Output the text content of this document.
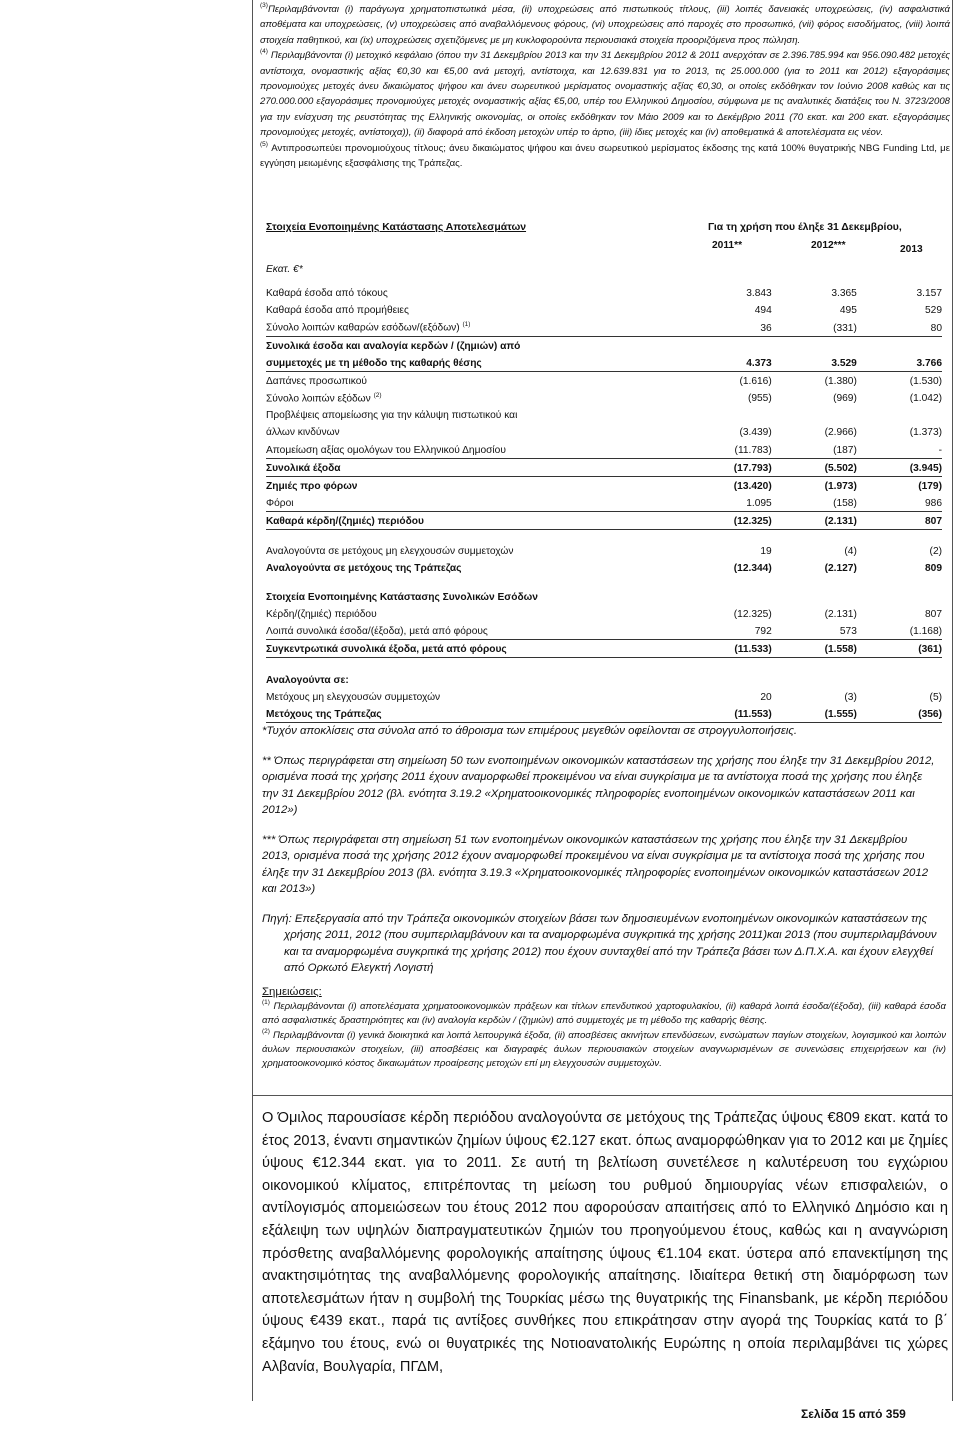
$^{(3)}$Περιλαμβάνονται (i) παράγωγα χρηματοπιστωτικά μέσα, (ii) υποχρεώσεις από πιστωτικούς τίτλους, (iii) λοιπές δανειακές υποχρεώσεις, (iv) ασφαλιστικά αποθέματα και υποχρεώσεις, (v) υποχρεώσεις από αναβαλλόμενους φόρους, (vi) υποχρεώσεις από παροχές στο προσωπικό, (vii) φόρος εισοδήματος, (viii) λοιπά στοιχεία παθητικού, και (ix) υποχρεώσεις σχετιζόμενες με μη κυκλοφορούντα περιουσιακά στοιχεία προοριζόμενα προς πώληση.

$^{(4)}$ Περιλαμβάνονται (i) μετοχικό κεφάλαιο (όπου την 31 Δεκεμβρίου 2013 και την 31 Δεκεμβρίου 2012 & 2011 ανερχόταν σε 2.396.785.994 και 956.090.482 μετοχές αντίστοιχα, ονομαστικής αξίας €0,30 και €5,00 ανά μετοχή, αντίστοιχα, και 12.639.831 για το 2013, τις 25.000.000 (για το 2011 και 2012) εξαγοράσιμες προνομιούχες μετοχές άνευ δικαιώματος ψήφου και άνευ σωρευτικού μερίσματος ονομαστικής αξίας €0,30, οι οποίες εκδόθηκαν τον Ιούνιο 2008 καθώς και τις 270.000.000 εξαγοράσιμες προνομιούχες μετοχές ονομαστικής αξίας €5,00, υπέρ του Ελληνικού Δημοσίου, σύμφωνα με τις αναλυτικές διατάξεις του Ν. 3723/2008 για την ενίσχυση της ρευστότητας της Ελληνικής οικονομίας, οι οποίες εκδόθηκαν τον Μάιο 2009 και το Δεκέμβριο 2011 (70 εκατ. και 200 εκατ. εξαγοράσιμες προνομιούχες μετοχές, αντίστοιχα)), (ii) διαφορά από έκδοση μετοχών υπέρ το άρτιο, (iii) ίδιες μετοχές και (iv) αποθεματικά & αποτελέσματα εις νέον.

$^{(5)}$ Αντιπροσωπεύει προνομιούχους τίτλους; άνευ δικαιώματος ψήφου και άνευ σωρευτικού μερίσματος έκδοσης της κατά 100% θυγατρικής NBG Funding Ltd, με εγγύηση μειωμένης εξασφάλισης της Τράπεζας.

Στοιχεία Ενοποιημένης Κατάστασης Αποτελεσμάτων	Για τη χρήση που έληξε 31 Δεκεμβρίου,
2011**	2012***	2013
Εκατ. €*
Καθαρά έσοδα από τόκους	3.843	3.365	3.157
Καθαρά έσοδα από προμήθειες	494	495	529
Σύνολο λοιπών καθαρών εσόδων/(εξόδων) $^{(1)}$	36	(331)	80
Συνολικά έσοδα και αναλογία κερδών / (ζημιών) από			
συμμετοχές με τη μέθοδο της καθαρής θέσης	4.373	3.529	3.766
Δαπάνες προσωπικού	(1.616)	(1.380)	(1.530)
Σύνολο λοιπών εξόδων $^{(2)}$	(955)	(969)	(1.042)
Προβλέψεις απομείωσης για την κάλυψη πιστωτικού και			
άλλων κινδύνων	(3.439)	(2.966)	(1.373)
Απομείωση αξίας ομολόγων του Ελληνικού Δημοσίου	(11.783)	(187)	-
Συνολικά έξοδα	(17.793)	(5.502)	(3.945)
Ζημιές προ φόρων	(13.420)	(1.973)	(179)
Φόροι	1.095	(158)	986
Καθαρά κέρδη/(ζημιές) περιόδου	(12.325)	(2.131)	807

Αναλογούντα σε μετόχους μη ελεγχουσών συμμετοχών	19	(4)	(2)
Αναλογούντα σε μετόχους της Τράπεζας	(12.344)	(2.127)	809

Στοιχεία Ενοποιημένης Κατάστασης Συνολικών Εσόδων			
Κέρδη/(ζημιές) περιόδου	(12.325)	(2.131)	807
Λοιπά συνολικά έσοδα/(έξοδα), μετά από φόρους	792	573	(1.168)
Συγκεντρωτικά συνολικά έξοδα, μετά από φόρους	(11.533)	(1.558)	(361)

Αναλογούντα σε:			
Μετόχους μη ελεγχουσών συμμετοχών	20	(3)	(5)
Μετόχους της Τράπεζας	(11.553)	(1.555)	(356)

*Τυχόν αποκλίσεις στα σύνολα από το άθροισμα των επιμέρους μεγεθών οφείλονται σε στρογγυλοποιήσεις.

** Όπως περιγράφεται στη σημείωση 50 των ενοποιημένων οικονομικών καταστάσεων της χρήσης που έληξε την 31 Δεκεμβρίου 2012, ορισμένα ποσά της χρήσης 2011 έχουν αναμορφωθεί προκειμένου να είναι συγκρίσιμα με τα αντίστοιχα ποσά της χρήσης που έληξε την 31 Δεκεμβρίου 2012 (βλ. ενότητα 3.19.2 «Χρηματοοικονομικές πληροφορίες ενοποιημένων οικονομικών καταστάσεων 2011 και 2012»)

*** Όπως περιγράφεται στη σημείωση 51 των ενοποιημένων οικονομικών καταστάσεων της χρήσης που έληξε την 31 Δεκεμβρίου 2013, ορισμένα ποσά της χρήσης 2012 έχουν αναμορφωθεί προκειμένου να είναι συγκρίσιμα με τα αντίστοιχα ποσά της χρήσης που έληξε την 31 Δεκεμβρίου 2013 (βλ. ενότητα 3.19.3 «Χρηματοοικονομικές πληροφορίες ενοποιημένων οικονομικών καταστάσεων 2012 και 2013»)

Πηγή: Επεξεργασία από την Τράπεζα οικονομικών στοιχείων βάσει των δημοσιευμένων ενοποιημένων οικονομικών καταστάσεων της χρήσης 2011, 2012 (που συμπεριλαμβάνουν και τα αναμορφωμένα συγκριτικά της χρήσης 2011)και 2013 (που συμπεριλαμβάνουν και τα αναμορφωμένα συγκριτικά της χρήσης 2012) που έχουν συνταχθεί από την Τράπεζα βάσει των Δ.Π.Χ.Α. και έχουν ελεγχθεί από Ορκωτό Ελεγκτή Λογιστή

Σημειώσεις:

$^{(1)}$ Περιλαμβάνονται (i) αποτελέσματα χρηματοοικονομικών πράξεων και τίτλων επενδυτικού χαρτοφυλακίου, (ii) καθαρά λοιπά έσοδα/(έξοδα), (iii) καθαρά έσοδα από ασφαλιστικές δραστηριότητες και (iv) αναλογία κερδών / (ζημιών) από συμμετοχές με τη μέθοδο της καθαρής θέσης.

$^{(2)}$ Περιλαμβάνονται (i) γενικά διοικητικά και λοιπά λειτουργικά έξοδα, (ii) αποσβέσεις ακινήτων επενδύσεων, ενσώματων παγίων στοιχείων, λογισμικού και λοιπών άυλων περιουσιακών στοιχείων, (iii) αποσβέσεις και διαγραφές άυλων περιουσιακών στοιχείων αναγνωρισμένων σε συνενώσεις επιχειρήσεων και (iv) χρηματοοικονομικό κόστος δικαιωμάτων προαίρεσης μετοχών επί μη ελεγχουσών συμμετοχών.

Ο Όμιλος παρουσίασε κέρδη περιόδου αναλογούντα σε μετόχους της Τράπεζας ύψους €809 εκατ. κατά το έτος 2013, έναντι σημαντικών ζημίων ύψους €2.127 εκατ. όπως αναμορφώθηκαν για το 2012 και με ζημίες ύψους €12.344 εκατ. για το 2011. Σε αυτή τη βελτίωση συνετέλεσε η καλυτέρευση του εγχώριου οικονομικού κλίματος, επιτρέποντας τη μείωση του ρυθμού δημιουργίας νέων επισφαλειών, ο αντίλογισμός απομειώσεων του έτους 2012 που αφορούσαν απαιτήσεις από το Ελληνικό Δημόσιο και η εξάλειψη των υψηλών διαπραγματευτικών ζημιών του προηγούμενου έτους, καθώς και η αναγνώριση πρόσθετης αναβαλλόμενης φορολογικής απαίτησης ύψους €1.104 εκατ. ύστερα από επανεκτίμηση της ανακτησιμότητας της αναβαλλόμενης φορολογικής απαίτησης. Ιδιαίτερα θετική στη διαμόρφωση των αποτελεσμάτων ήταν η συμβολή της Τουρκίας μέσω της θυγατρικής της Finansbank, με κέρδη περιόδου ύψους €439 εκατ., παρά τις αντίξοες συνθήκες που επικράτησαν στην αγορά της Τουρκίας κατά το β΄ εξάμηνο του έτους, ενώ οι θυγατρικές της Νοτιοανατολικής Ευρώπης η οποία περιλαμβάνει τις χώρες Αλβανία, Βουλγαρία, ΠΓΔΜ,
Σελίδα 15 από 359
